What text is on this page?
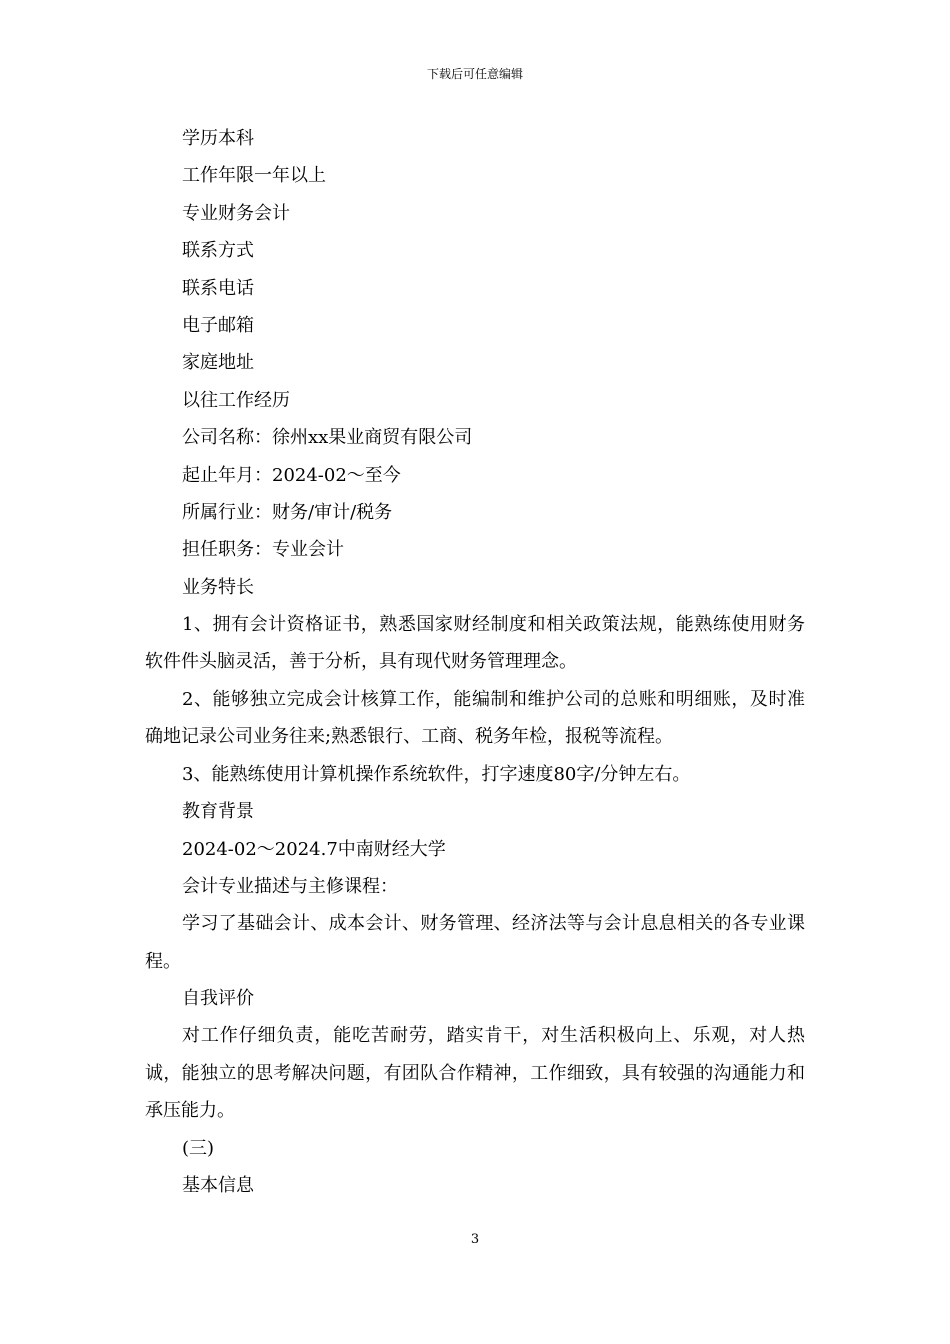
下载后可任意编辑
学历本科
工作年限一年以上
专业财务会计
联系方式
联系电话
电子邮箱
家庭地址
以往工作经历
公司名称：徐州xx果业商贸有限公司
起止年月：2024-02～至今
所属行业：财务/审计/税务
担任职务：专业会计
业务特长

1、拥有会计资格证书，熟悉国家财经制度和相关政策法规，能熟练使用财务软件件头脑灵活，善于分析，具有现代财务管理理念。

2、能够独立完成会计核算工作，能编制和维护公司的总账和明细账，及时准确地记录公司业务往来;熟悉银行、工商、税务年检，报税等流程。

3、能熟练使用计算机操作系统软件，打字速度80字/分钟左右。

教育背景
2024-02～2024.7中南财经大学
会计专业描述与主修课程：

学习了基础会计、成本会计、财务管理、经济法等与会计息息相关的各专业课程。

自我评价

对工作仔细负责，能吃苦耐劳，踏实肯干，对生活积极向上、乐观，对人热诚，能独立的思考解决问题，有团队合作精神，工作细致，具有较强的沟通能力和承压能力。

(三)
基本信息
3
